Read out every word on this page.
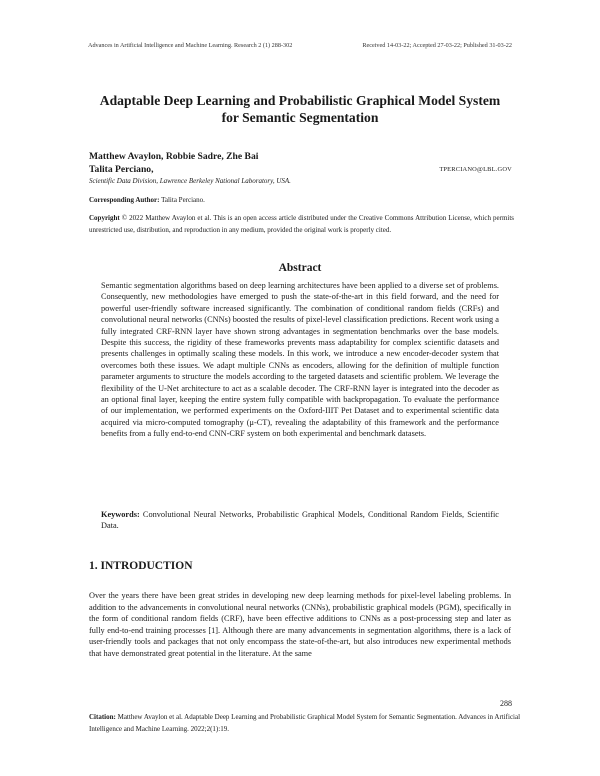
Advances in Artificial Intelligence and Machine Learning. Research 2 (1) 288-302	Received 14-03-22; Accepted 27-03-22; Published 31-03-22
Adaptable Deep Learning and Probabilistic Graphical Model System
for Semantic Segmentation
Matthew Avaylon, Robbie Sadre, Zhe Bai
Talita Perciano,	TPERCIANO@LBL.GOV
Scientific Data Division, Lawrence Berkeley National Laboratory, USA.
Corresponding Author: Talita Perciano.
Copyright © 2022 Matthew Avaylon et al. This is an open access article distributed under the Creative Commons Attribution License, which permits unrestricted use, distribution, and reproduction in any medium, provided the original work is properly cited.
Abstract
Semantic segmentation algorithms based on deep learning architectures have been applied to a diverse set of problems. Consequently, new methodologies have emerged to push the state-of-the-art in this field forward, and the need for powerful user-friendly software increased significantly. The combination of conditional random fields (CRFs) and convolutional neural networks (CNNs) boosted the results of pixel-level classification predictions. Recent work using a fully integrated CRF-RNN layer have shown strong advantages in segmentation benchmarks over the base models. Despite this success, the rigidity of these frameworks prevents mass adaptability for complex scientific datasets and presents challenges in optimally scaling these models. In this work, we introduce a new encoder-decoder system that overcomes both these issues. We adapt multiple CNNs as encoders, allowing for the definition of multiple function parameter arguments to structure the models according to the targeted datasets and scientific problem. We leverage the flexibility of the U-Net architecture to act as a scalable decoder. The CRF-RNN layer is integrated into the decoder as an optional final layer, keeping the entire system fully compatible with backpropagation. To evaluate the performance of our implementation, we performed experiments on the Oxford-IIIT Pet Dataset and to experimental scientific data acquired via micro-computed tomography (μ-CT), revealing the adaptability of this framework and the performance benefits from a fully end-to-end CNN-CRF system on both experimental and benchmark datasets.
Keywords: Convolutional Neural Networks, Probabilistic Graphical Models, Conditional Random Fields, Scientific Data.
1. INTRODUCTION
Over the years there have been great strides in developing new deep learning methods for pixel-level labeling problems. In addition to the advancements in convolutional neural networks (CNNs), probabilistic graphical models (PGM), specifically in the form of conditional random fields (CRF), have been effective additions to CNNs as a post-processing step and later as fully end-to-end training processes [1]. Although there are many advancements in segmentation algorithms, there is a lack of user-friendly tools and packages that not only encompass the state-of-the-art, but also introduces new experimental methods that have demonstrated great potential in the literature. At the same
288
Citation: Matthew Avaylon et al. Adaptable Deep Learning and Probabilistic Graphical Model System for Semantic Segmentation. Advances in Artificial Intelligence and Machine Learning. 2022;2(1):19.
